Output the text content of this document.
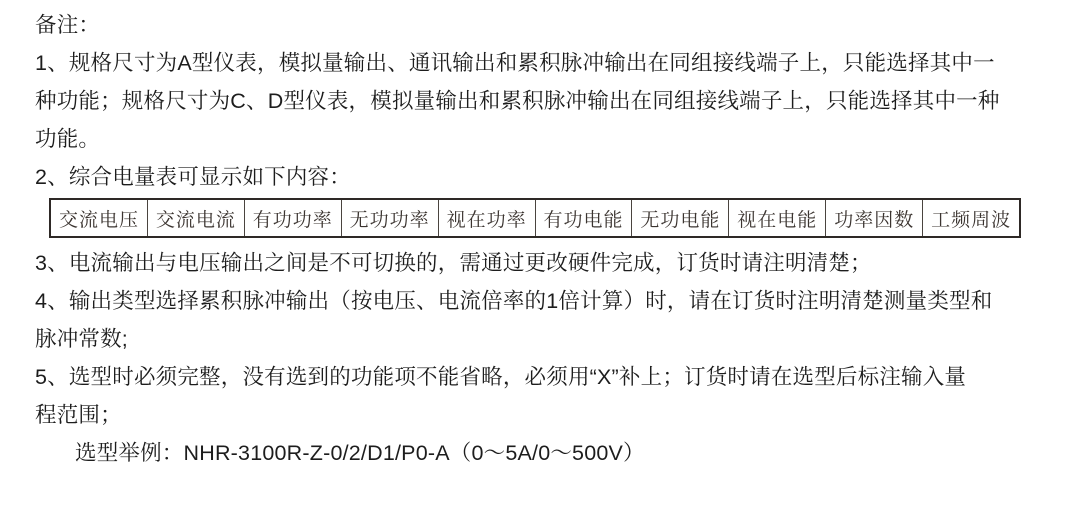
备注：
1、规格尺寸为A型仪表，模拟量输出、通讯输出和累积脉冲输出在同组接线端子上，只能选择其中一
种功能；规格尺寸为C、D型仪表，模拟量输出和累积脉冲输出在同组接线端子上，只能选择其中一种
功能。
2、综合电量表可显示如下内容：
交流电压 交流电流 有功功率 无功功率 视在功率 有功电能 无功电能 视在电能 功率因数 工频周波
3、电流输出与电压输出之间是不可切换的，需通过更改硬件完成，订货时请注明清楚；
4、输出类型选择累积脉冲输出（按电压、电流倍率的1倍计算）时，请在订货时注明清楚测量类型和
脉冲常数;
5、选型时必须完整，没有选到的功能项不能省略，必须用“X”补上；订货时请在选型后标注输入量
程范围；
选型举例：NHR-3100R-Z-0/2/D1/P0-A（0～5A/0～500V）
